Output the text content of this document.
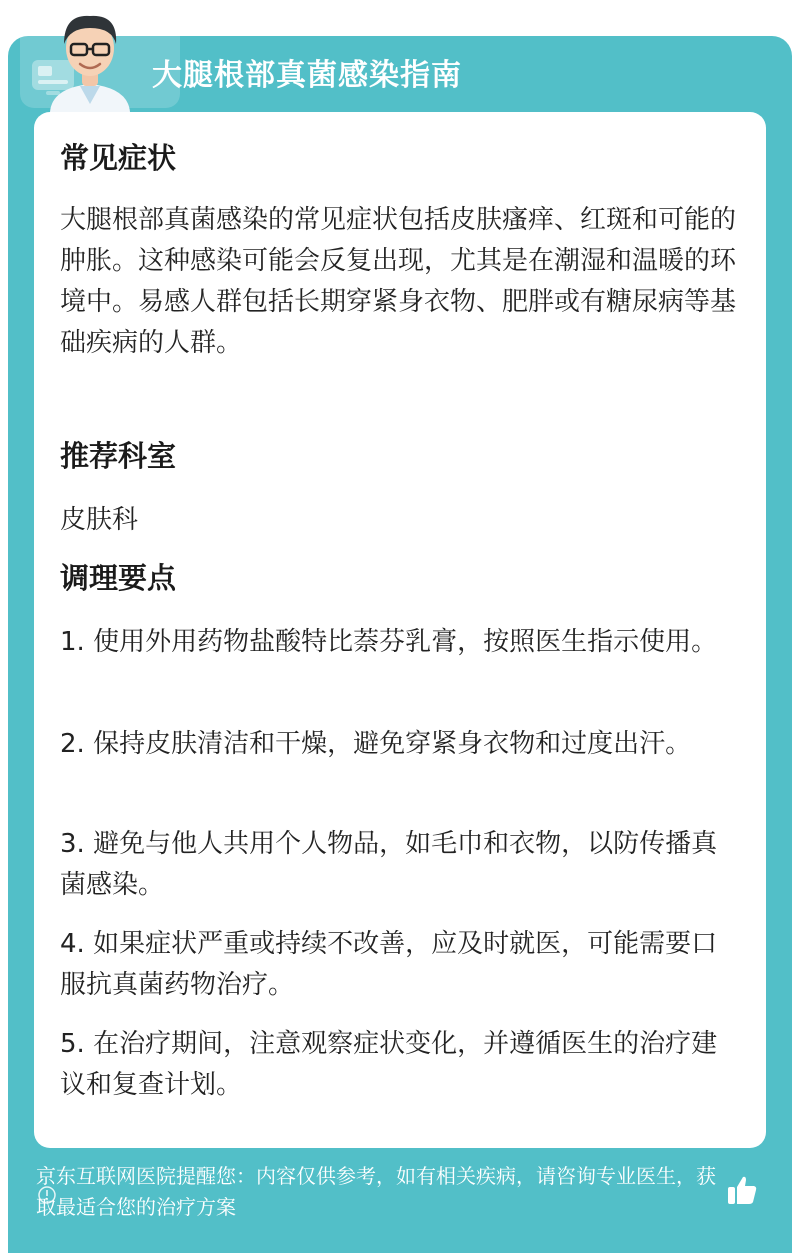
大腿根部真菌感染指南
常见症状

大腿根部真菌感染的常见症状包括皮肤瘙痒、红斑和可能的肿胀。这种感染可能会反复出现，尤其是在潮湿和温暖的环境中。易感人群包括长期穿紧身衣物、肥胖或有糖尿病等基础疾病的人群。

推荐科室

皮肤科

调理要点

1. 使用外用药物盐酸特比萘芬乳膏，按照医生指示使用。

2. 保持皮肤清洁和干燥，避免穿紧身衣物和过度出汗。

3. 避免与他人共用个人物品，如毛巾和衣物，以防传播真菌感染。

4. 如果症状严重或持续不改善，应及时就医，可能需要口服抗真菌药物治疗。

5. 在治疗期间，注意观察症状变化，并遵循医生的治疗建议和复查计划。

京东互联网医院提醒您：内容仅供参考，如有相关疾病，请咨询专业医生，获取最适合您的治疗方案
